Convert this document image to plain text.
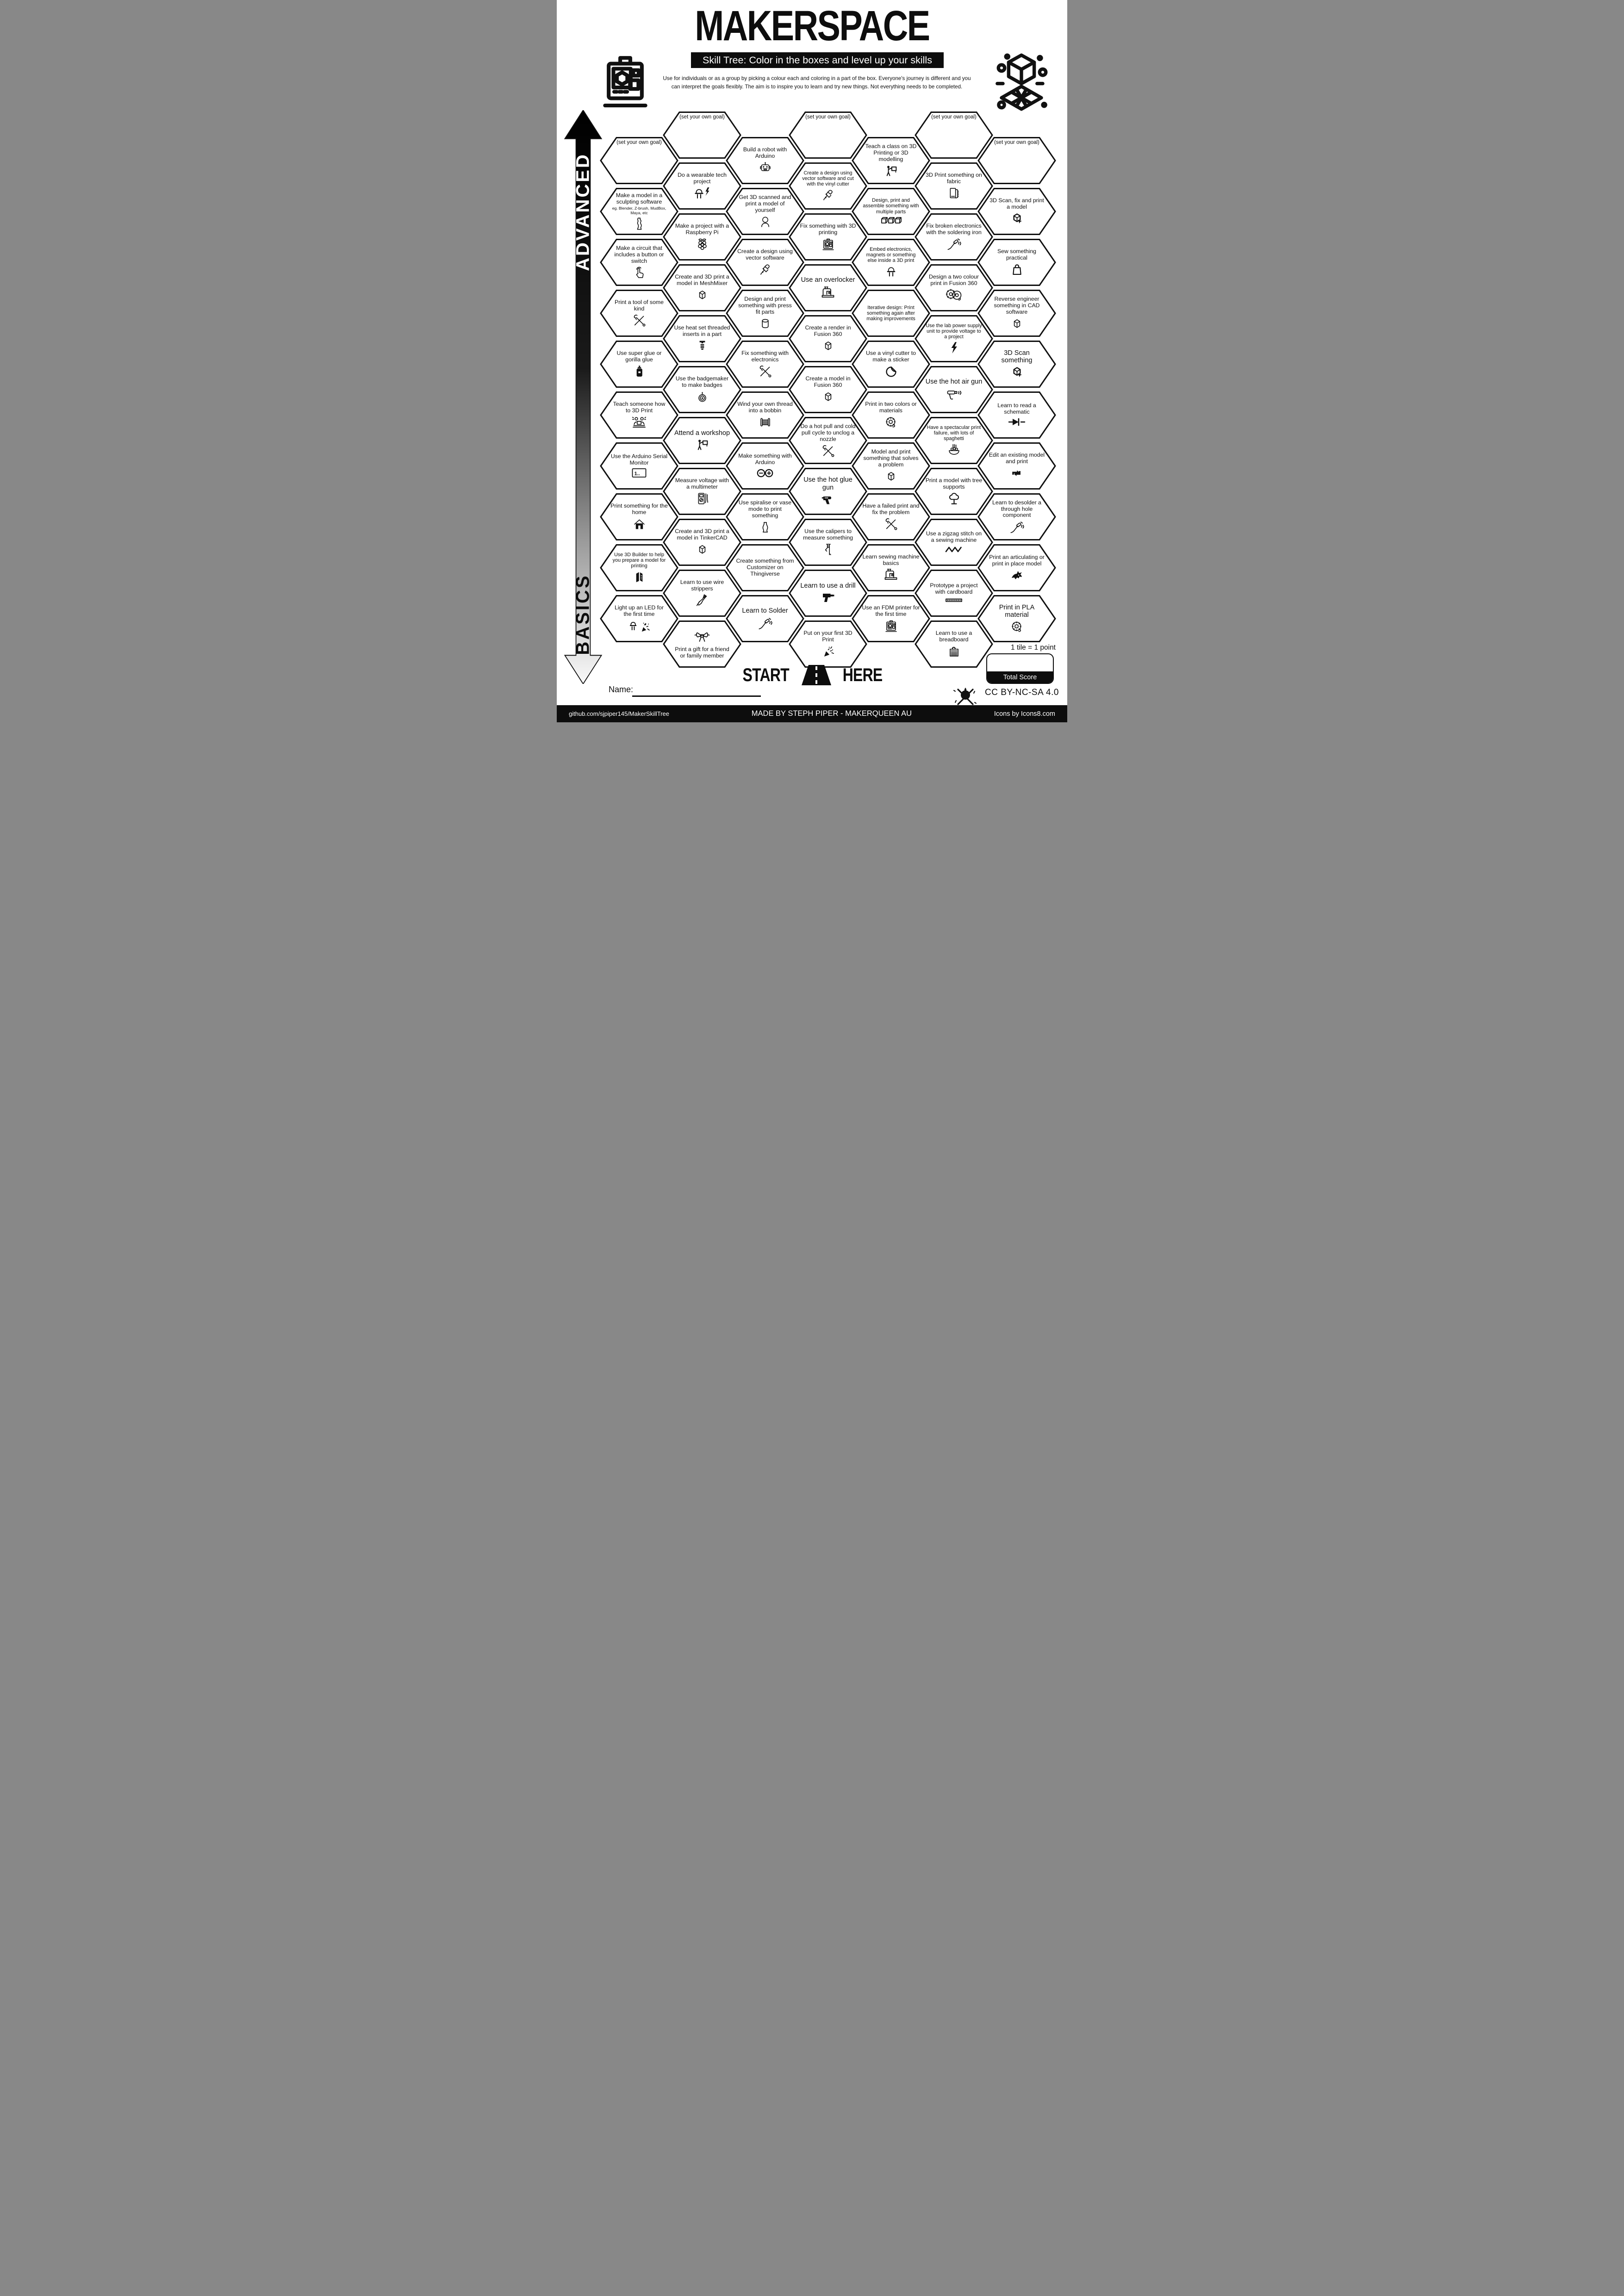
MAKERSPACE
Skill Tree: Color in the boxes and level up your skills
Use for individuals or as a group by picking a colour each and coloring in a part of the box. Everyone's journey is different and you can interpret the goals flexibly. The aim is to inspire you to learn and try new things. Not everything needs to be completed.
ADVANCED
BASICS
(set your own goal)
Make a model in a sculpting software
eg. Blender, Z-brush, MudBox, Maya, etc
Make a circuit that includes a button or switch
Print a tool of some kind
Use super glue or gorilla glue
Teach someone how to 3D Print
Use the Arduino Serial Monitor
Print something for the home
Use 3D Builder to help you prepare a model for printing
Light up an LED for the first time
(set your own goal)
Do a wearable tech project
Make a project with a Raspberry Pi
Create and 3D print a model in MeshMixer
Use heat set threaded inserts in a part
Use the badgemaker to make badges
Attend a workshop
Measure voltage with a multimeter
Create and 3D print a model in TinkerCAD
Learn to use wire strippers
Print a gift for a friend or family member
Build a robot with Arduino
Get 3D scanned and print a model of yourself
Create a design using vector software
Design and print something with press fit parts
Fix something with electronics
Wind your own thread into a bobbin
Make something with Arduino
Use spiralise or vase mode to print something
Create something from Customizer on Thingiverse
Learn to Solder
(set your own goal)
Create a design using vector software and cut with the vinyl cutter
Fix something with 3D printing
Use an overlocker
Create a render in Fusion 360
Create a model in Fusion 360
Do a hot pull and cold pull cycle to unclog a nozzle
Use the hot glue gun
Use the calipers to measure something
Learn to use a drill
Put on your first 3D Print
Teach a class on 3D Printing or 3D modelling
Design, print and assemble something with multiple parts
Embed electronics, magnets or something else inside a 3D print
Iterative design: Print something again after making improvements
Use a vinyl cutter to make a sticker
Print in two colors or materials
Model and print something that solves a problem
Have a failed print and fix the problem
Learn sewing machine basics
Use an FDM printer for the first time
(set your own goal)
3D Print something on fabric
Fix broken electronics with the soldering iron
Design a two colour print in Fusion 360
Use the lab power supply unit to provide voltage to a project
Use the hot air gun
Have a spectacular print failure, with lots of spaghetti
Print a model with tree supports
Use a zigzag stitch on a sewing machine
Prototype a project with cardboard
Learn to use a breadboard
(set your own goal)
3D Scan, fix and print a model
Sew something practical
Reverse engineer something in CAD software
3D Scan something
Learn to read a schematic
Edit an existing model and print
Learn to desolder a through hole component
Print an articulating or print in place model
Print in PLA material
START	HERE
Name:
1 tile = 1 point
Total Score
CC BY-NC-SA 4.0
github.com/sjpiper145/MakerSkillTree	MADE BY STEPH PIPER - MAKERQUEEN AU	Icons by Icons8.com
